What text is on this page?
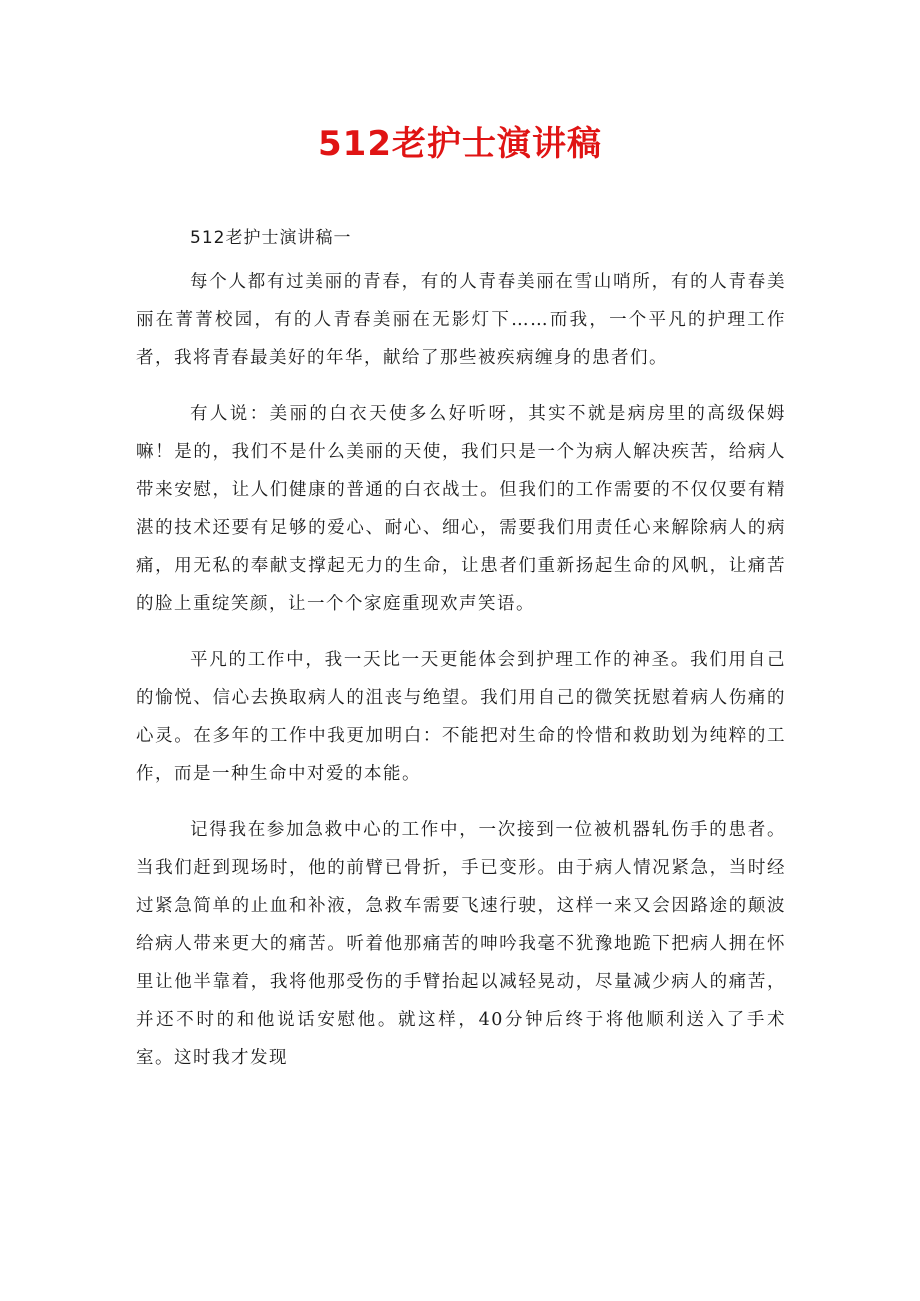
512老护士演讲稿
512老护士演讲稿一

每个人都有过美丽的青春，有的人青春美丽在雪山哨所，有的人青春美丽在菁菁校园，有的人青春美丽在无影灯下……而我，一个平凡的护理工作者，我将青春最美好的年华，献给了那些被疾病缠身的患者们。

有人说：美丽的白衣天使多么好听呀，其实不就是病房里的高级保姆嘛！是的，我们不是什么美丽的天使，我们只是一个为病人解决疾苦，给病人带来安慰，让人们健康的普通的白衣战士。但我们的工作需要的不仅仅要有精湛的技术还要有足够的爱心、耐心、细心，需要我们用责任心来解除病人的病痛，用无私的奉献支撑起无力的生命，让患者们重新扬起生命的风帆，让痛苦的脸上重绽笑颜，让一个个家庭重现欢声笑语。

平凡的工作中，我一天比一天更能体会到护理工作的神圣。我们用自己的愉悦、信心去换取病人的沮丧与绝望。我们用自己的微笑抚慰着病人伤痛的心灵。在多年的工作中我更加明白：不能把对生命的怜惜和救助划为纯粹的工作，而是一种生命中对爱的本能。

记得我在参加急救中心的工作中，一次接到一位被机器轧伤手的患者。当我们赶到现场时，他的前臂已骨折，手已变形。由于病人情况紧急，当时经过紧急简单的止血和补液，急救车需要飞速行驶，这样一来又会因路途的颠波给病人带来更大的痛苦。听着他那痛苦的呻吟我毫不犹豫地跪下把病人拥在怀里让他半靠着，我将他那受伤的手臂抬起以减轻晃动，尽量减少病人的痛苦，并还不时的和他说话安慰他。就这样，40分钟后终于将他顺利送入了手术室。这时我才发现
